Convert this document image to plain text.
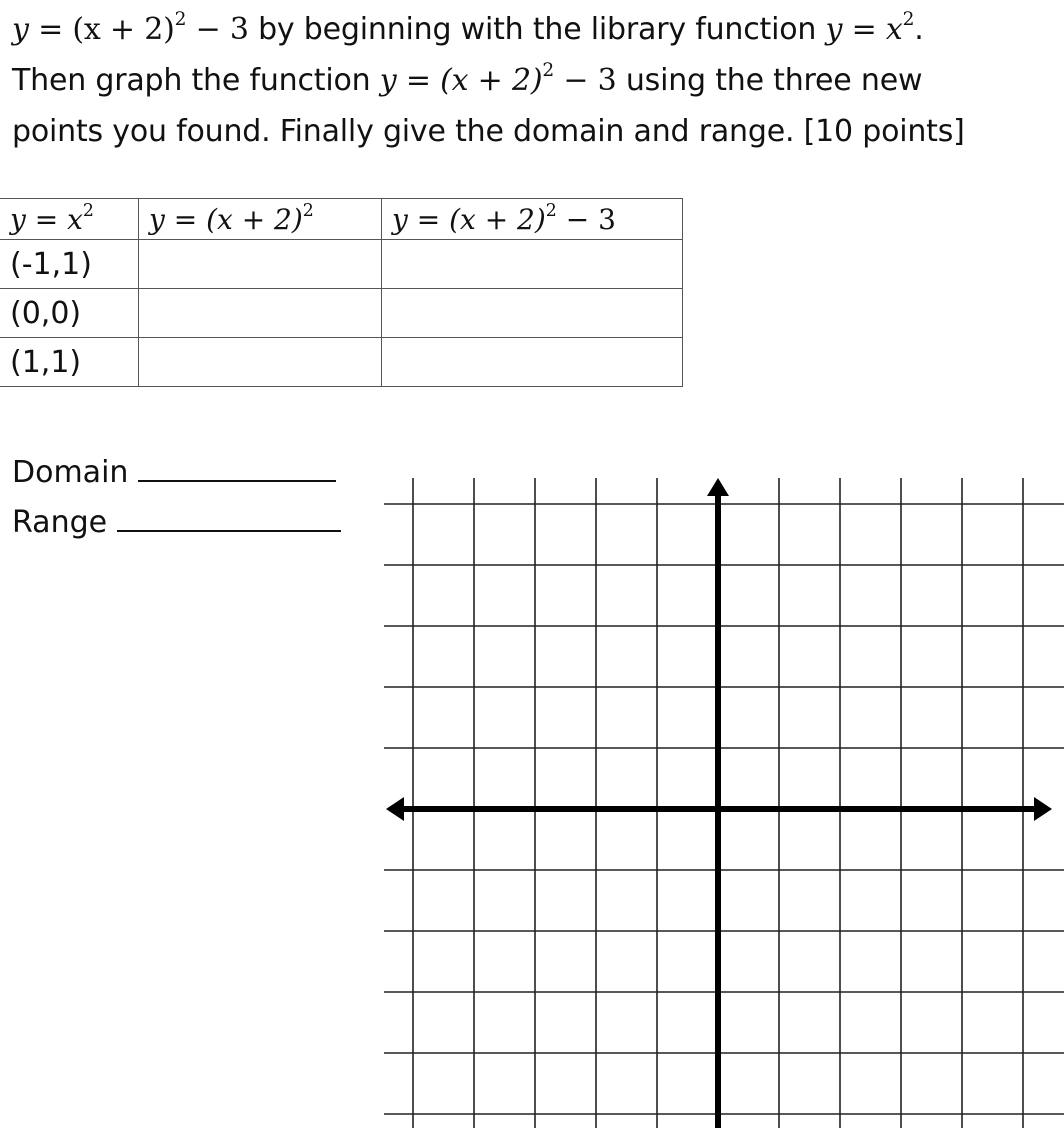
$y = (x + 2)^2 - 3$ by beginning with the library function $y = x^2$.
Then graph the function $y = (x + 2)^2 - 3$ using the three new
points you found. Finally give the domain and range. [10 points]
$y = x^2$	$y = (x + 2)^2$	$y = (x + 2)^2 - 3$
(-1,1)		
(0,0)		
(1,1)		
Domain
Range
